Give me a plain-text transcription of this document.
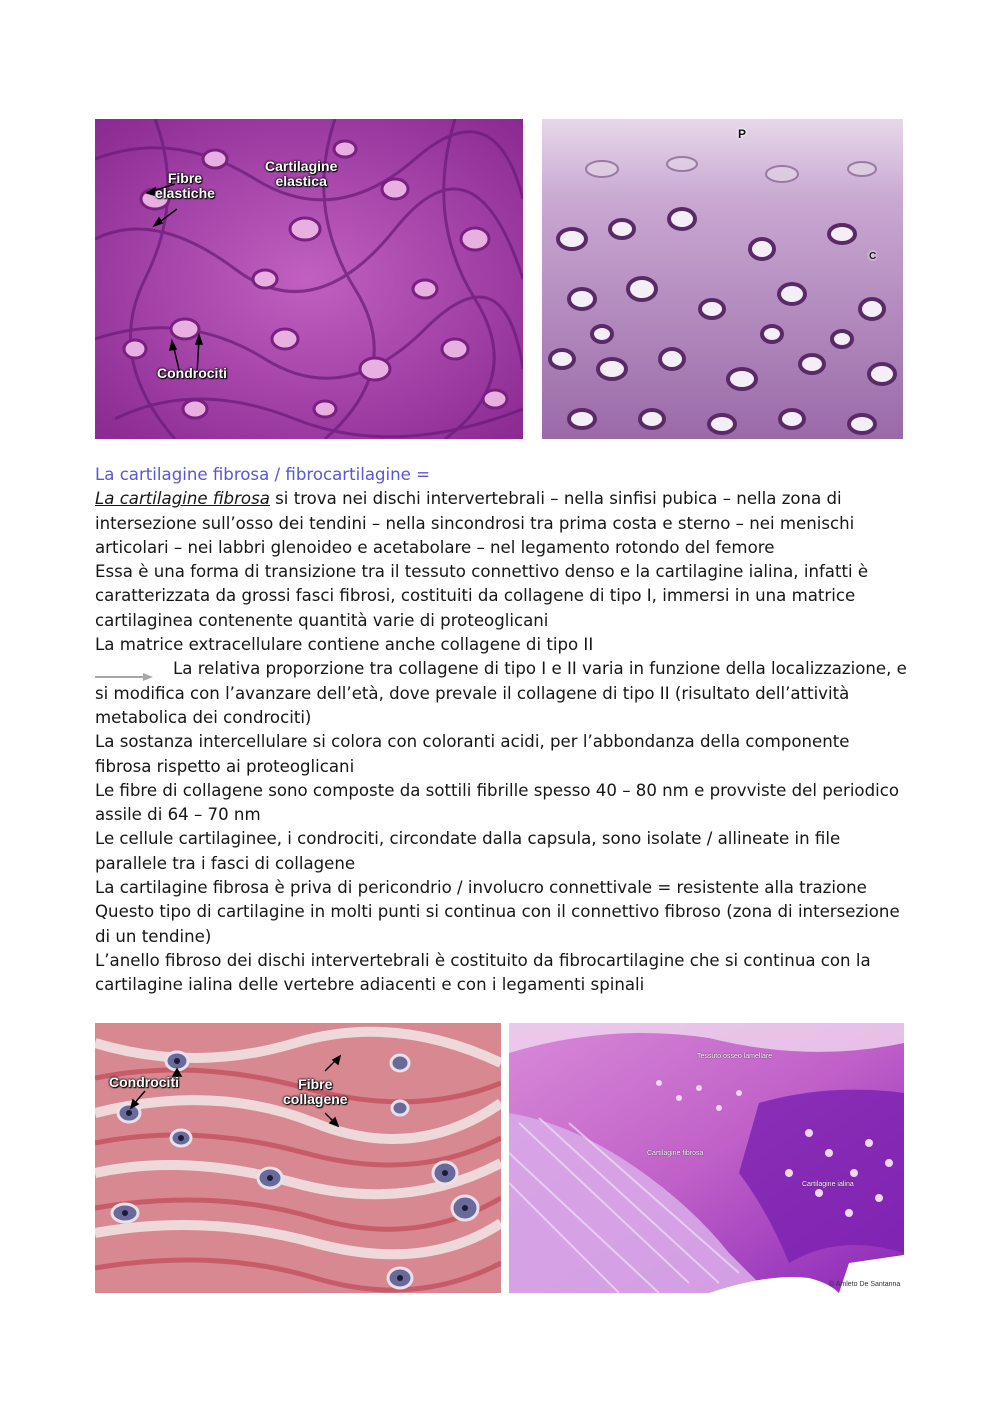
Fibre
elastiche
Cartilagine
elastica
Condrociti
P
C

La cartilagine fibrosa / fibrocartilagine =

La cartilagine fibrosa si trova nei dischi intervertebrali – nella sinfisi pubica – nella zona di intersezione sull’osso dei tendini – nella sincondrosi tra prima costa e sterno – nei menischi articolari – nei labbri glenoideo e acetabolare – nel legamento rotondo del femore

Essa è una forma di transizione tra il tessuto connettivo denso e la cartilagine ialina, infatti è caratterizzata da grossi fasci fibrosi, costituiti da collagene di tipo I, immersi in una matrice cartilaginea contenente quantità varie di proteoglicani

La matrice extracellulare contiene anche collagene di tipo II

La relativa proporzione tra collagene di tipo I e II varia in funzione della localizzazione, e si modifica con l’avanzare dell’età, dove prevale il collagene di tipo II (risultato dell’attività metabolica dei condrociti)

La sostanza intercellulare si colora con coloranti acidi, per l’abbondanza della componente fibrosa rispetto ai proteoglicani

Le fibre di collagene sono composte da sottili fibrille spesso 40 – 80 nm e provviste del periodico assile di 64 – 70 nm

Le cellule cartilaginee, i condrociti, circondate dalla capsula, sono isolate / allineate in file parallele tra i fasci di collagene

La cartilagine fibrosa è priva di pericondrio / involucro connettivale = resistente alla trazione

Questo tipo di cartilagine in molti punti si continua con il connettivo fibroso (zona di intersezione di un tendine)

L’anello fibroso dei dischi intervertebrali è costituito da fibrocartilagine che si continua con la cartilagine ialina delle vertebre adiacenti e con i legamenti spinali

Condrociti	Fibre
collagene
Tessuto osseo lamellare
Cartilagine fibrosa
Cartilagine ialina
© Amleto De Santanna
